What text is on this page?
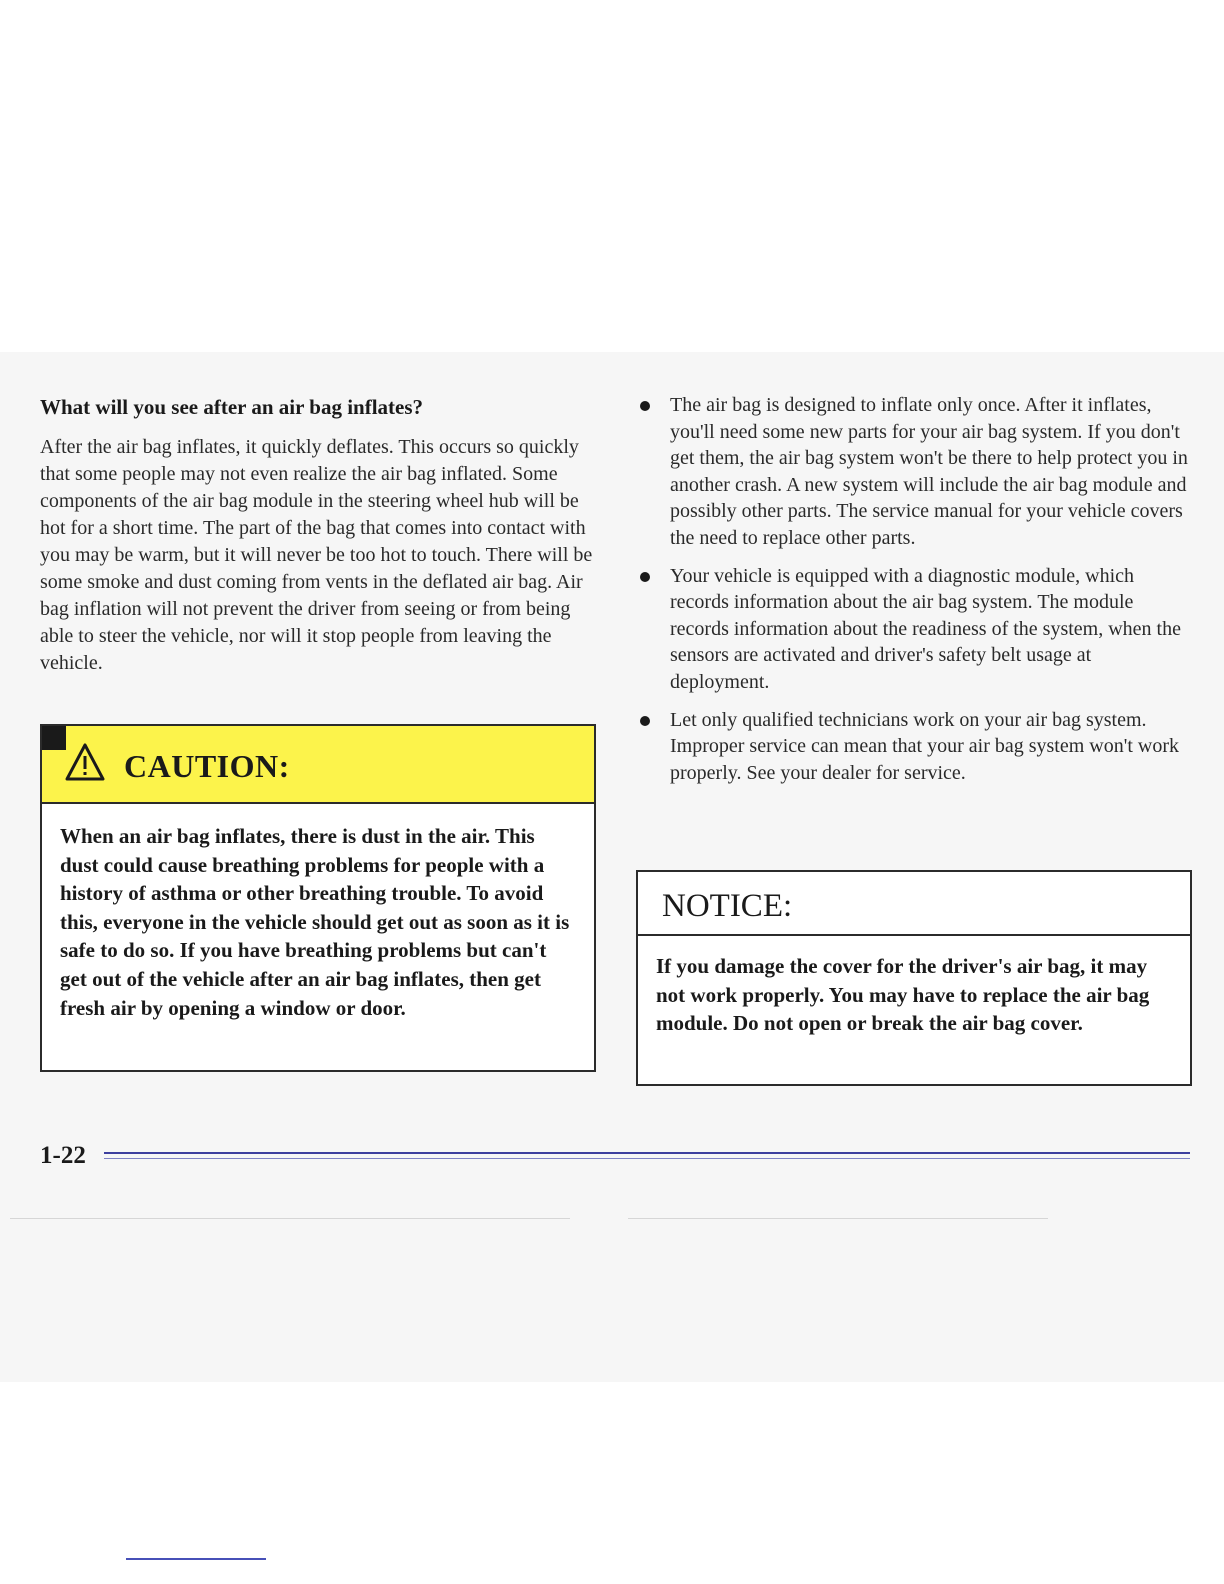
What will you see after an air bag inflates?

After the air bag inflates, it quickly deflates. This occurs so quickly that some people may not even realize the air bag inflated. Some components of the air bag module in the steering wheel hub will be hot for a short time. The part of the bag that comes into contact with you may be warm, but it will never be too hot to touch. There will be some smoke and dust coming from vents in the deflated air bag. Air bag inflation will not prevent the driver from seeing or from being able to steer the vehicle, nor will it stop people from leaving the vehicle.

CAUTION:
When an air bag inflates, there is dust in the air. This dust could cause breathing problems for people with a history of asthma or other breathing trouble. To avoid this, everyone in the vehicle should get out as soon as it is safe to do so. If you have breathing problems but can't get out of the vehicle after an air bag inflates, then get fresh air by opening a window or door.
The air bag is designed to inflate only once. After it inflates, you'll need some new parts for your air bag system. If you don't get them, the air bag system won't be there to help protect you in another crash. A new system will include the air bag module and possibly other parts. The service manual for your vehicle covers the need to replace other parts.
Your vehicle is equipped with a diagnostic module, which records information about the air bag system. The module records information about the readiness of the system, when the sensors are activated and driver's safety belt usage at deployment.
Let only qualified technicians work on your air bag system. Improper service can mean that your air bag system won't work properly. See your dealer for service.
NOTICE:
If you damage the cover for the driver's air bag, it may not work properly. You may have to replace the air bag module. Do not open or break the air bag cover.
1-22
